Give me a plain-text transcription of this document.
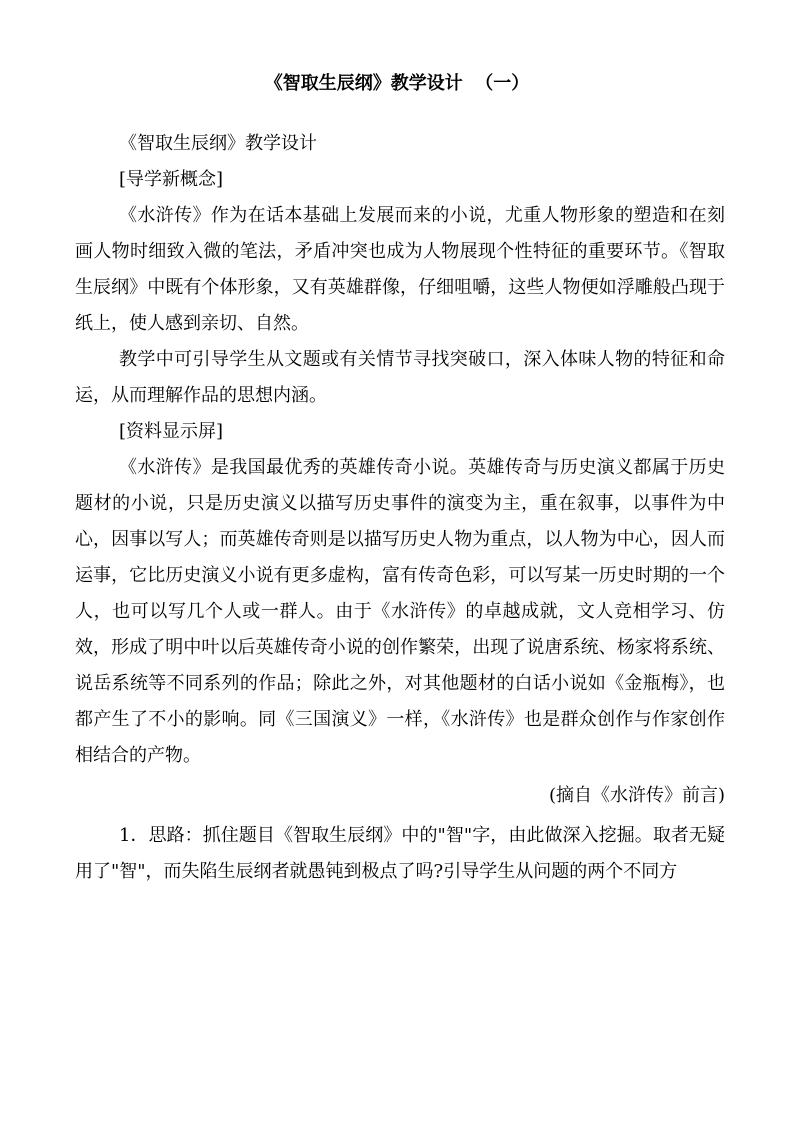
《智取生辰纲》教学设计  （一）

《智取生辰纲》教学设计

[导学新概念]

《水浒传》作为在话本基础上发展而来的小说，尤重人物形象的塑造和在刻画人物时细致入微的笔法，矛盾冲突也成为人物展现个性特征的重要环节。《智取生辰纲》中既有个体形象，又有英雄群像，仔细咀嚼，这些人物便如浮雕般凸现于纸上，使人感到亲切、自然。

教学中可引导学生从文题或有关情节寻找突破口，深入体味人物的特征和命运，从而理解作品的思想内涵。

[资料显示屏]

《水浒传》是我国最优秀的英雄传奇小说。英雄传奇与历史演义都属于历史题材的小说，只是历史演义以描写历史事件的演变为主，重在叙事，以事件为中心，因事以写人；而英雄传奇则是以描写历史人物为重点，以人物为中心，因人而运事，它比历史演义小说有更多虚构，富有传奇色彩，可以写某一历史时期的一个人，也可以写几个人或一群人。由于《水浒传》的卓越成就，文人竞相学习、仿效，形成了明中叶以后英雄传奇小说的创作繁荣，出现了说唐系统、杨家将系统、说岳系统等不同系列的作品；除此之外，对其他题材的白话小说如《金瓶梅》，也都产生了不小的影响。同《三国演义》一样，《水浒传》也是群众创作与作家创作相结合的产物。

(摘自《水浒传》前言)

1．思路：抓住题目《智取生辰纲》中的"智"字，由此做深入挖掘。取者无疑用了"智"，而失陷生辰纲者就愚钝到极点了吗?引导学生从问题的两个不同方
